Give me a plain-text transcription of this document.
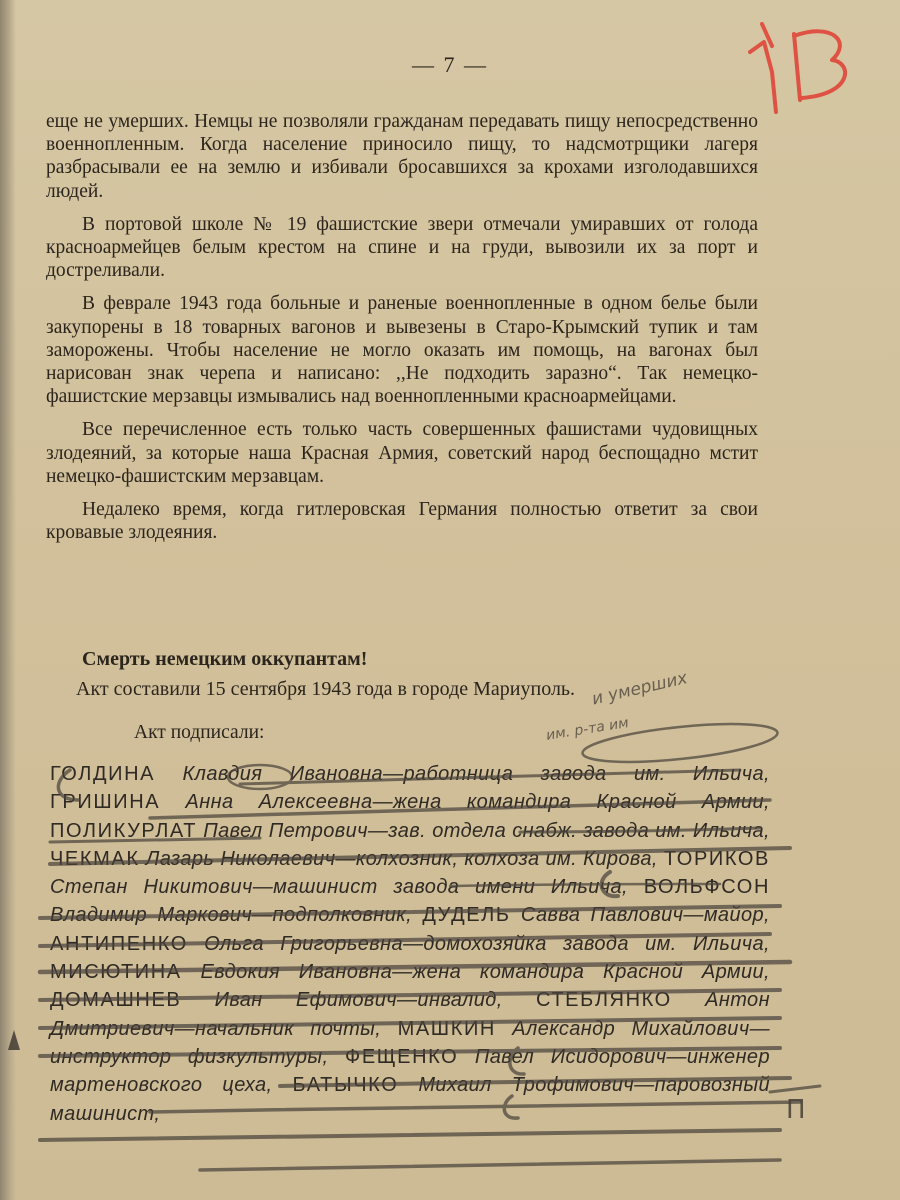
— 7 —

еще не умерших. Немцы не позволяли гражданам передавать пищу непосредственно военнопленным. Когда население приносило пищу, то надсмотрщики лагеря разбрасывали ее на землю и избивали бросавшихся за крохами изголодавшихся людей.

В портовой школе № 19 фашистские звери отмечали умиравших от голода красноармейцев белым крестом на спине и на груди, вывозили их за порт и достреливали.

В феврале 1943 года больные и раненые военнопленные в одном белье были закупорены в 18 товарных вагонов и вывезены в Старо-Крымский тупик и там заморожены. Чтобы население не могло оказать им помощь, на вагонах был нарисован знак черепа и написано: ,,Не подходить заразно“. Так немецко-фашистские мерзавцы измывались над военнопленными красноармейцами.

Все перечисленное есть только часть совершенных фашистами чудовищных злодеяний, за которые наша Красная Армия, советский народ беспощадно мстит немецко-фашистским мерзавцам.

Недалеко время, когда гитлеровская Германия полностью ответит за свои кровавые злодеяния.

Смерть немецким оккупантам!
Акт составили 15 сентября 1943 года в городе Мариуполь.
Акт подписали:
ГОЛДИНА Клавдия Ивановна—работница завода им. Ильича, ГРИШИНА Анна Алексеевна—жена командира Красной Армии, ПОЛИКУРЛАТ Павел Петрович—зав. отдела снабж. завода им. Ильича, ЧЕКМАК Лазарь Николаевич—колхозник, колхоза им. Кирова, ТОРИКОВ Степан Никитович—машинист завода имени Ильича, ВОЛЬФСОН Владимир Маркович—подполковник, ДУДЕЛЬ Савва Павлович—майор, АНТИПЕНКО Ольга Григорьевна—домохозяйка завода им. Ильича, МИСЮТИНА Евдокия Ивановна—жена командира Красной Армии, ДОМАШНЕВ Иван Ефимович—инвалид, СТЕБЛЯНКО Антон Дмитриевич—начальник почты, МАШКИН Александр Михайлович—инструктор физкультуры, ФЕЩЕНКО Павел Исидорович—инженер мартеновского цеха, БАТЫЧКО Михаил Трофимович—паровозный машинист,
и умерших
им. р-та им
П
